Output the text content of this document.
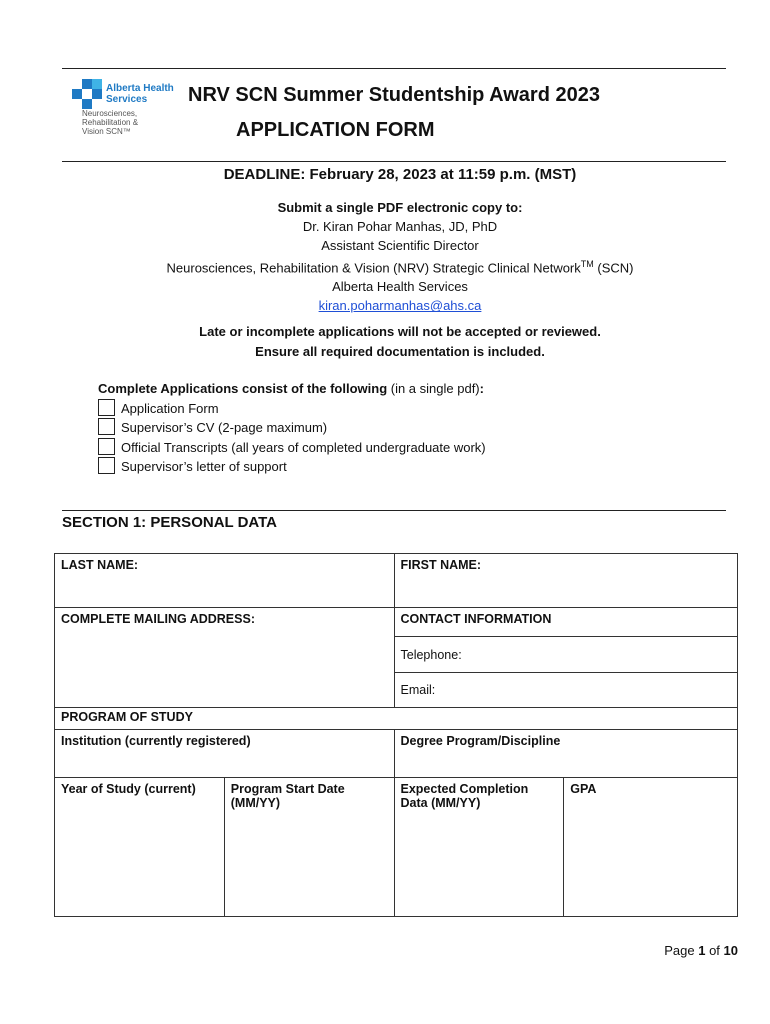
Alberta Health Services
Neurosciences, Rehabilitation & Vision SCN™
NRV SCN Summer Studentship Award 2023
APPLICATION FORM
DEADLINE: February 28, 2023 at 11:59 p.m. (MST)
Submit a single PDF electronic copy to:
Dr. Kiran Pohar Manhas, JD, PhD
Assistant Scientific Director
Neurosciences, Rehabilitation & Vision (NRV) Strategic Clinical Network™ (SCN)
Alberta Health Services
kiran.poharmanhas@ahs.ca
Late or incomplete applications will not be accepted or reviewed.
Ensure all required documentation is included.
Complete Applications consist of the following (in a single pdf):
Application Form
Supervisor’s CV (2-page maximum)
Official Transcripts (all years of completed undergraduate work)
Supervisor’s letter of support
SECTION 1: PERSONAL DATA
LAST NAME:		FIRST NAME:	
COMPLETE MAILING ADDRESS:		CONTACT INFORMATION	
		Telephone:	
		Email:	
PROGRAM OF STUDY			
Institution (currently registered)		Degree Program/Discipline	
Year of Study (current)	Program Start Date (MM/YY)	Expected Completion Data (MM/YY)	GPA
Page 1 of 10
